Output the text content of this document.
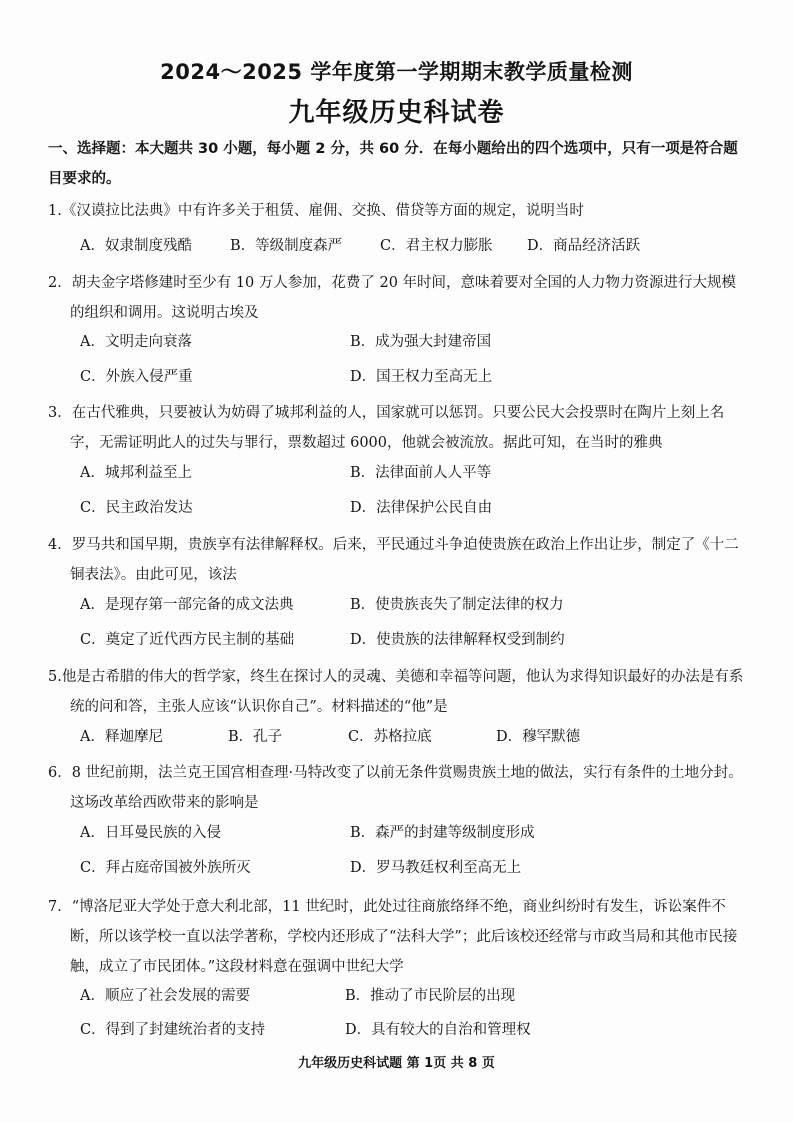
2024～2025 学年度第一学期期末教学质量检测
九年级历史科试卷
一、选择题：本大题共 30 小题，每小题 2 分，共 60 分．在每小题给出的四个选项中，只有一项是符合题目要求的。
1.《汉谟拉比法典》中有许多关于租赁、雇佣、交换、借贷等方面的规定，说明当时
A．奴隶制度残酷	B．等级制度森严	C．君主权力膨胀 D．商品经济活跃
2．胡夫金字塔修建时至少有 10 万人参加，花费了 20 年时间，意味着要对全国的人力物力资源进行大规模的组织和调用。这说明古埃及
A．文明走向衰落	B．成为强大封建帝国
C．外族入侵严重	D．国王权力至高无上
3．在古代雅典，只要被认为妨碍了城邦利益的人，国家就可以惩罚。只要公民大会投票时在陶片上刻上名字，无需证明此人的过失与罪行，票数超过 6000，他就会被流放。据此可知，在当时的雅典
A．城邦利益至上	B．法律面前人人平等
C．民主政治发达	D．法律保护公民自由
4．罗马共和国早期，贵族享有法律解释权。后来，平民通过斗争迫使贵族在政治上作出让步，制定了《十二铜表法》。由此可见，该法
A．是现存第一部完备的成文法典	B．使贵族丧失了制定法律的权力
C．奠定了近代西方民主制的基础	D．使贵族的法律解释权受到制约
5.他是古希腊的伟大的哲学家，终生在探讨人的灵魂、美德和幸福等问题，他认为求得知识最好的办法是有系统的问和答，主张人应该“认识你自己”。材料描述的“他”是
A．释迦摩尼	B．孔子	C．苏格拉底	D．穆罕默德
6．8 世纪前期，法兰克王国宫相查理·马特改变了以前无条件赏赐贵族土地的做法，实行有条件的土地分封。这场改革给西欧带来的影响是
A．日耳曼民族的入侵	B．森严的封建等级制度形成
C．拜占庭帝国被外族所灭	D．罗马教廷权利至高无上
7．“博洛尼亚大学处于意大利北部，11 世纪时，此处过往商旅络绎不绝，商业纠纷时有发生，诉讼案件不断，所以该学校一直以法学著称，学校内还形成了“法科大学”；此后该校还经常与市政当局和其他市民接触，成立了市民团体。”这段材料意在强调中世纪大学
A．顺应了社会发展的需要	B．推动了市民阶层的出现
C．得到了封建统治者的支持	D．具有较大的自治和管理权
九年级历史科试题 第 1页 共 8 页
